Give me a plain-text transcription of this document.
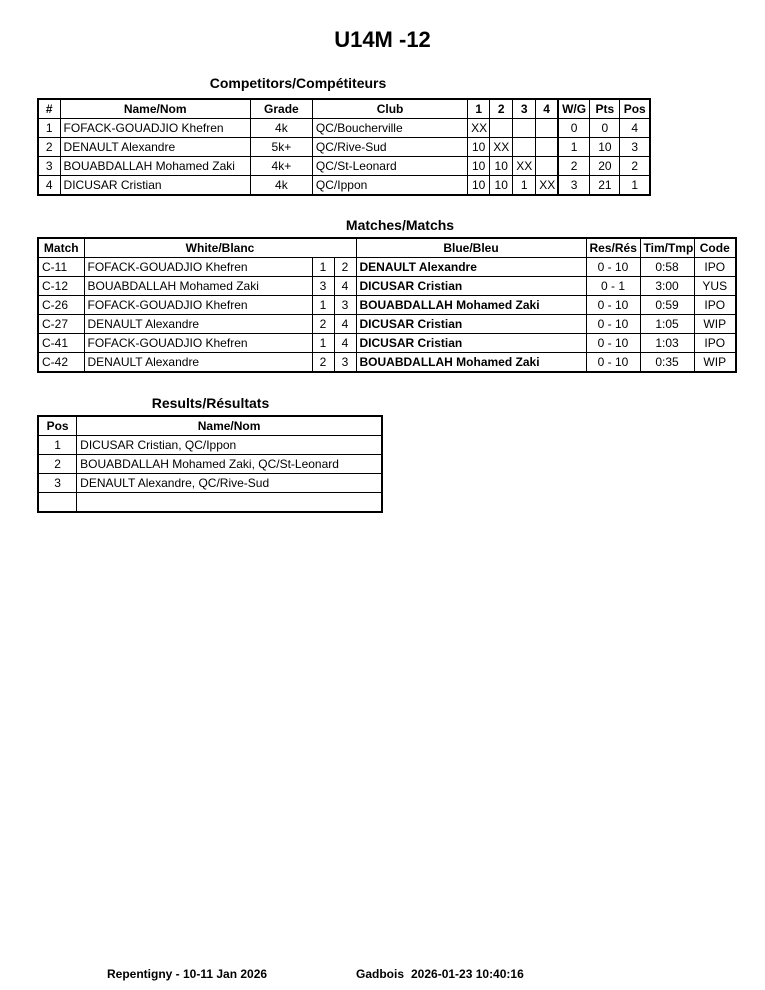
U14M -12
Competitors/Compétiteurs
#	Name/Nom	Grade	Club	1	2	3	4	W/G	Pts	Pos
1	FOFACK-GOUADJIO Khefren	4k	QC/Boucherville	XX				0	0	4
2	DENAULT Alexandre	5k+	QC/Rive-Sud	10	XX			1	10	3
3	BOUABDALLAH Mohamed Zaki	4k+	QC/St-Leonard	10	10	XX		2	20	2
4	DICUSAR Cristian	4k	QC/Ippon	10	10	1	XX	3	21	1
Matches/Matchs
Match	White/Blanc			Blue/Bleu	Res/Rés	Tim/Tmp	Code
C-11	FOFACK-GOUADJIO Khefren	1	2	DENAULT Alexandre	0 - 10	0:58	IPO
C-12	BOUABDALLAH Mohamed Zaki	3	4	DICUSAR Cristian	0 - 1	3:00	YUS
C-26	FOFACK-GOUADJIO Khefren	1	3	BOUABDALLAH Mohamed Zaki	0 - 10	0:59	IPO
C-27	DENAULT Alexandre	2	4	DICUSAR Cristian	0 - 10	1:05	WIP
C-41	FOFACK-GOUADJIO Khefren	1	4	DICUSAR Cristian	0 - 10	1:03	IPO
C-42	DENAULT Alexandre	2	3	BOUABDALLAH Mohamed Zaki	0 - 10	0:35	WIP
Results/Résultats
Pos	Name/Nom
1	DICUSAR Cristian, QC/Ippon
2	BOUABDALLAH Mohamed Zaki, QC/St-Leonard
3	DENAULT Alexandre, QC/Rive-Sud

Repentigny - 10-11 Jan 2026	Gadbois 2026-01-23 10:40:16
